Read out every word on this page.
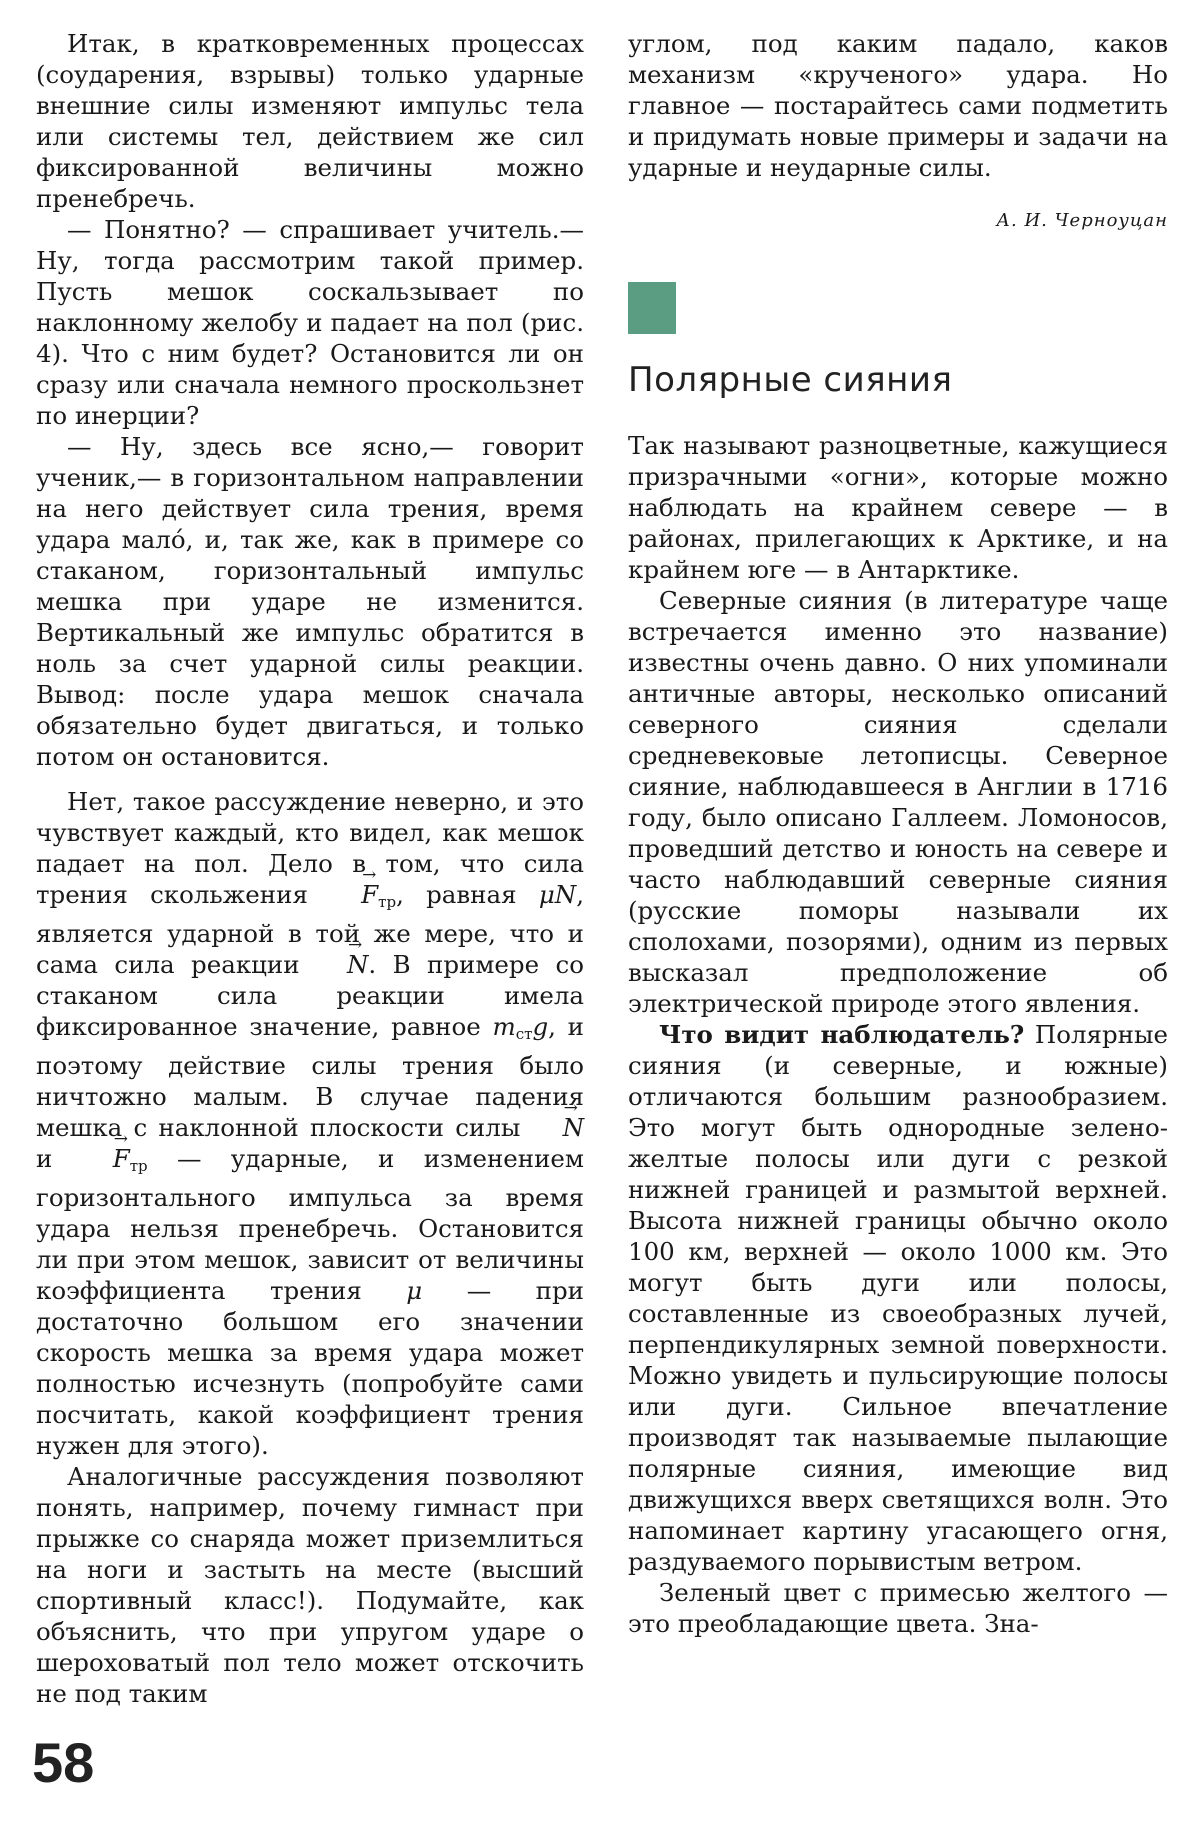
Итак, в кратковременных процессах (соударения, взрывы) только ударные внешние силы изменяют импульс тела или системы тел, действием же сил фиксированной величины можно пренебречь.

— Понятно? — спрашивает учитель.— Ну, тогда рассмотрим такой пример. Пусть мешок соскальзывает по наклонному желобу и падает на пол (рис. 4). Что с ним будет? Остановится ли он сразу или сначала немного проскользнет по инерции?

— Ну, здесь все ясно,— говорит ученик,— в горизонтальном направлении на него действует сила трения, время удара мало́, и, так же, как в примере со стаканом, горизонтальный импульс мешка при ударе не изменится. Вертикальный же импульс обратится в ноль за счет ударной силы реакции. Вывод: после удара мешок сначала обязательно будет двигаться, и только потом он остановится.

Нет, такое рассуждение неверно, и это чувствует каждый, кто видел, как мешок падает на пол. Дело в том, что сила трения скольжения → $F_{тр}$, равная μN, является ударной в той же мере, что и сама сила реакции → N. В примере со стаканом сила реакции имела фиксированное значение, равное $m_{ст}g$, и поэтому действие силы трения было ничтожно малым. В случае падения мешка с наклонной плоскости силы → N $и \to F_{тр}$ — ударные, и изменением горизонтального импульса за время удара нельзя пренебречь. Остановится ли при этом мешок, зависит от величины коэффициента трения μ — при достаточно большом его значении скорость мешка за время удара может полностью исчезнуть (попробуйте сами посчитать, какой коэффициент трения нужен для этого).

Аналогичные рассуждения позволяют понять, например, почему гимнаст при прыжке со снаряда может приземлиться на ноги и застыть на месте (высший спортивный класс!). Подумайте, как объяснить, что при упругом ударе о шероховатый пол тело может отскочить не под таким

углом, под каким падало, каков механизм «крученого» удара. Но главное — постарайтесь сами подметить и придумать новые примеры и задачи на ударные и неударные силы.

А. И. Черноуцан
Полярные сияния

Так называют разноцветные, кажущиеся призрачными «огни», которые можно наблюдать на крайнем севере — в районах, прилегающих к Арктике, и на крайнем юге — в Антарктике.

Северные сияния (в литературе чаще встречается именно это название) известны очень давно. О них упоминали античные авторы, несколько описаний северного сияния сделали средневековые летописцы. Северное сияние, наблюдавшееся в Англии в 1716 году, было описано Галлеем. Ломоносов, проведший детство и юность на севере и часто наблюдавший северные сияния (русские поморы называли их сполохами, позорями), одним из первых высказал предположение об электрической природе этого явления.

Что видит наблюдатель? Полярные сияния (и северные, и южные) отличаются большим разнообразием. Это могут быть однородные зелено-желтые полосы или дуги с резкой нижней границей и размытой верхней. Высота нижней границы обычно около 100 км, верхней — около 1000 км. Это могут быть дуги или полосы, составленные из своеобразных лучей, перпендикулярных земной поверхности. Можно увидеть и пульсирующие полосы или дуги. Сильное впечатление производят так называемые пылающие полярные сияния, имеющие вид движущихся вверх светящихся волн. Это напоминает картину угасающего огня, раздуваемого порывистым ветром.

Зеленый цвет с примесью желтого — это преобладающие цвета. Зна-

58
